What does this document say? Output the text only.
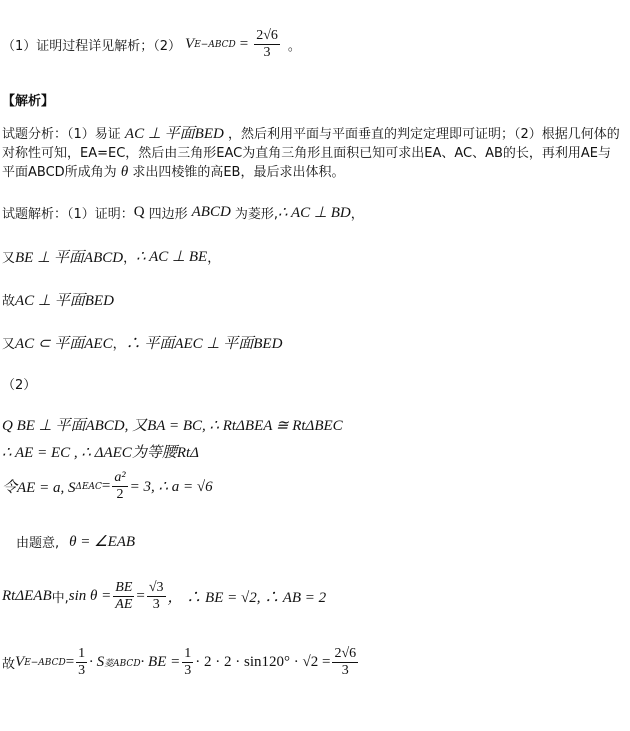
（1）证明过程详见解析；（2） V E−ABCD = $\frac{2√6}{3}$ 。
【解析】
试题分析：（1）易证 AC ⊥ 平面BED ，然后利用平面与平面垂直的判定定理即可证明；（2）根据几何体的对称性可知，EA=EC，然后由三角形EAC为直角三角形且面积已知可求出EA、AC、AB的长，再利用AE与平面ABCD所成角为 θ 求出四棱锥的高EB，最后求出体积。
试题解析：（1）证明： Q 四边形 ABCD 为菱形, ∴ AC ⊥ BD ，
又 BE ⊥ 平面ABCD ， ∴ AC ⊥ BE ，
故 AC ⊥ 平面BED
又 AC ⊂ 平面AEC ， ∴ 平面AEC ⊥ 平面BED
（2）
Q BE ⊥ 平面ABCD, 又BA = BC, ∴ RtΔBEA ≅ RtΔBEC
∴ AE = EC , ∴ ΔAEC为等腰RtΔ
令AE = a, S $\Delta EAC = \frac{\text{a²}}{2} = 3$, ∴ a = √6
由题意, θ = ∠EAB
RtΔEAB 中, $\sin \theta = \frac{BE}{AE} = \frac{√3}{3}$ ， ∴ BE = √2, ∴ AB = 2
故 V E−ABCD = $\frac{1}{3} \cdot S$ 菱ABCD · BE = $\frac{1}{3} \cdot 2 \cdot 2 \cdot \sin 120^\circ \cdot √2 = \frac{2√6}{3}$
